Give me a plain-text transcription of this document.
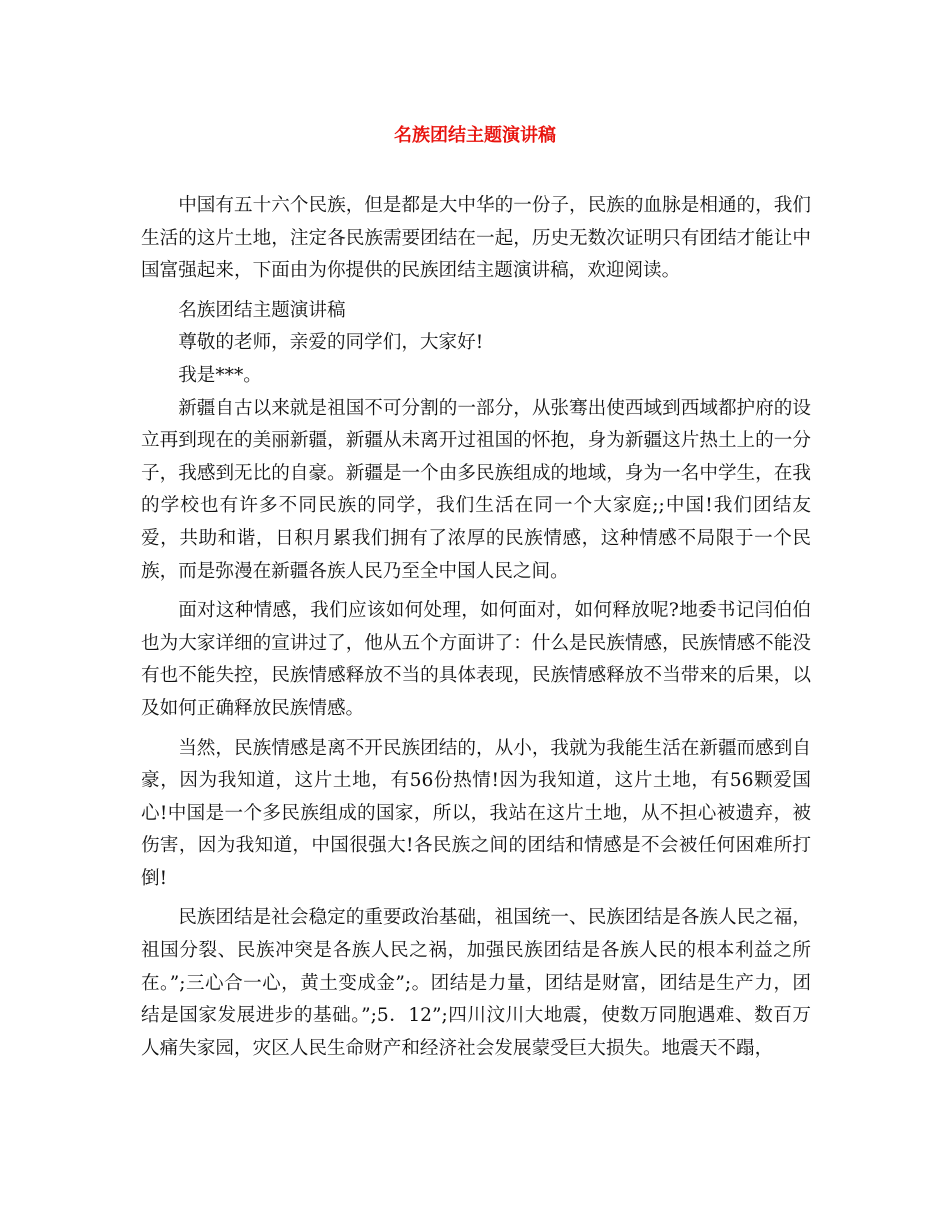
名族团结主题演讲稿

中国有五十六个民族，但是都是大中华的一份子，民族的血脉是相通的，我们生活的这片土地，注定各民族需要团结在一起，历史无数次证明只有团结才能让中国富强起来，下面由为你提供的民族团结主题演讲稿，欢迎阅读。

名族团结主题演讲稿

尊敬的老师，亲爱的同学们，大家好!

我是***。

新疆自古以来就是祖国不可分割的一部分，从张骞出使西域到西域都护府的设立再到现在的美丽新疆，新疆从未离开过祖国的怀抱，身为新疆这片热土上的一分子，我感到无比的自豪。新疆是一个由多民族组成的地域，身为一名中学生，在我的学校也有许多不同民族的同学，我们生活在同一个大家庭;;中国!我们团结友爱，共助和谐，日积月累我们拥有了浓厚的民族情感，这种情感不局限于一个民族，而是弥漫在新疆各族人民乃至全中国人民之间。

面对这种情感，我们应该如何处理，如何面对，如何释放呢?地委书记闫伯伯也为大家详细的宣讲过了，他从五个方面讲了：什么是民族情感，民族情感不能没有也不能失控，民族情感释放不当的具体表现，民族情感释放不当带来的后果，以及如何正确释放民族情感。

当然，民族情感是离不开民族团结的，从小，我就为我能生活在新疆而感到自豪，因为我知道，这片土地，有56份热情!因为我知道，这片土地，有56颗爱国心!中国是一个多民族组成的国家，所以，我站在这片土地，从不担心被遗弃，被伤害，因为我知道，中国很强大!各民族之间的团结和情感是不会被任何困难所打倒!

民族团结是社会稳定的重要政治基础，祖国统一、民族团结是各族人民之福，祖国分裂、民族冲突是各族人民之祸，加强民族团结是各族人民的根本利益之所在。”;三心合一心，黄土变成金”;。团结是力量，团结是财富，团结是生产力，团结是国家发展进步的基础。”;5．12”;四川汶川大地震，使数万同胞遇难、数百万人痛失家园，灾区人民生命财产和经济社会发展蒙受巨大损失。地震天不蹋，
